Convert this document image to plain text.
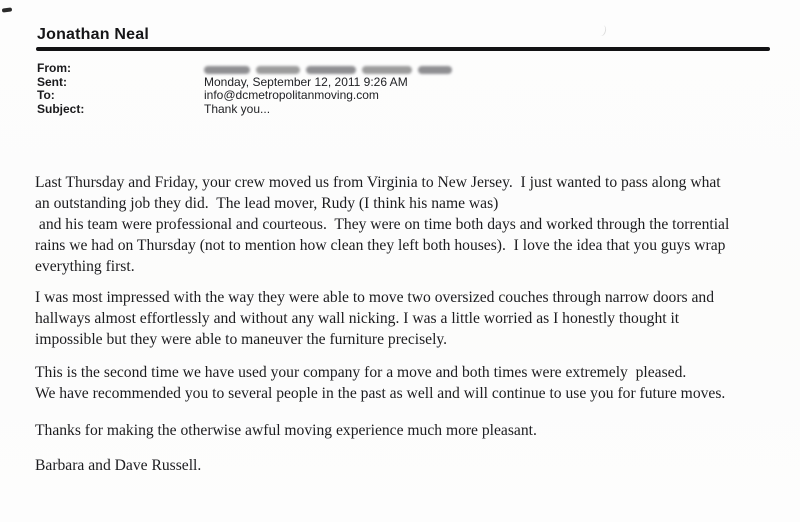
Jonathan Neal
From:
Sent:	Monday, September 12, 2011 9:26 AM
To:	info@dcmetropolitanmoving.com
Subject:	Thank you...
Last Thursday and Friday, your crew moved us from Virginia to New Jersey.  I just wanted to pass along what
an outstanding job they did.  The lead mover, Rudy (I think his name was)
and his team were professional and courteous.  They were on time both days and worked through the torrential
rains we had on Thursday (not to mention how clean they left both houses).  I love the idea that you guys wrap
everything first.
I was most impressed with the way they were able to move two oversized couches through narrow doors and
hallways almost effortlessly and without any wall nicking. I was a little worried as I honestly thought it
impossible but they were able to maneuver the furniture precisely.
This is the second time we have used your company for a move and both times were extremely  pleased.
We have recommended you to several people in the past as well and will continue to use you for future moves.
Thanks for making the otherwise awful moving experience much more pleasant.
Barbara and Dave Russell.
